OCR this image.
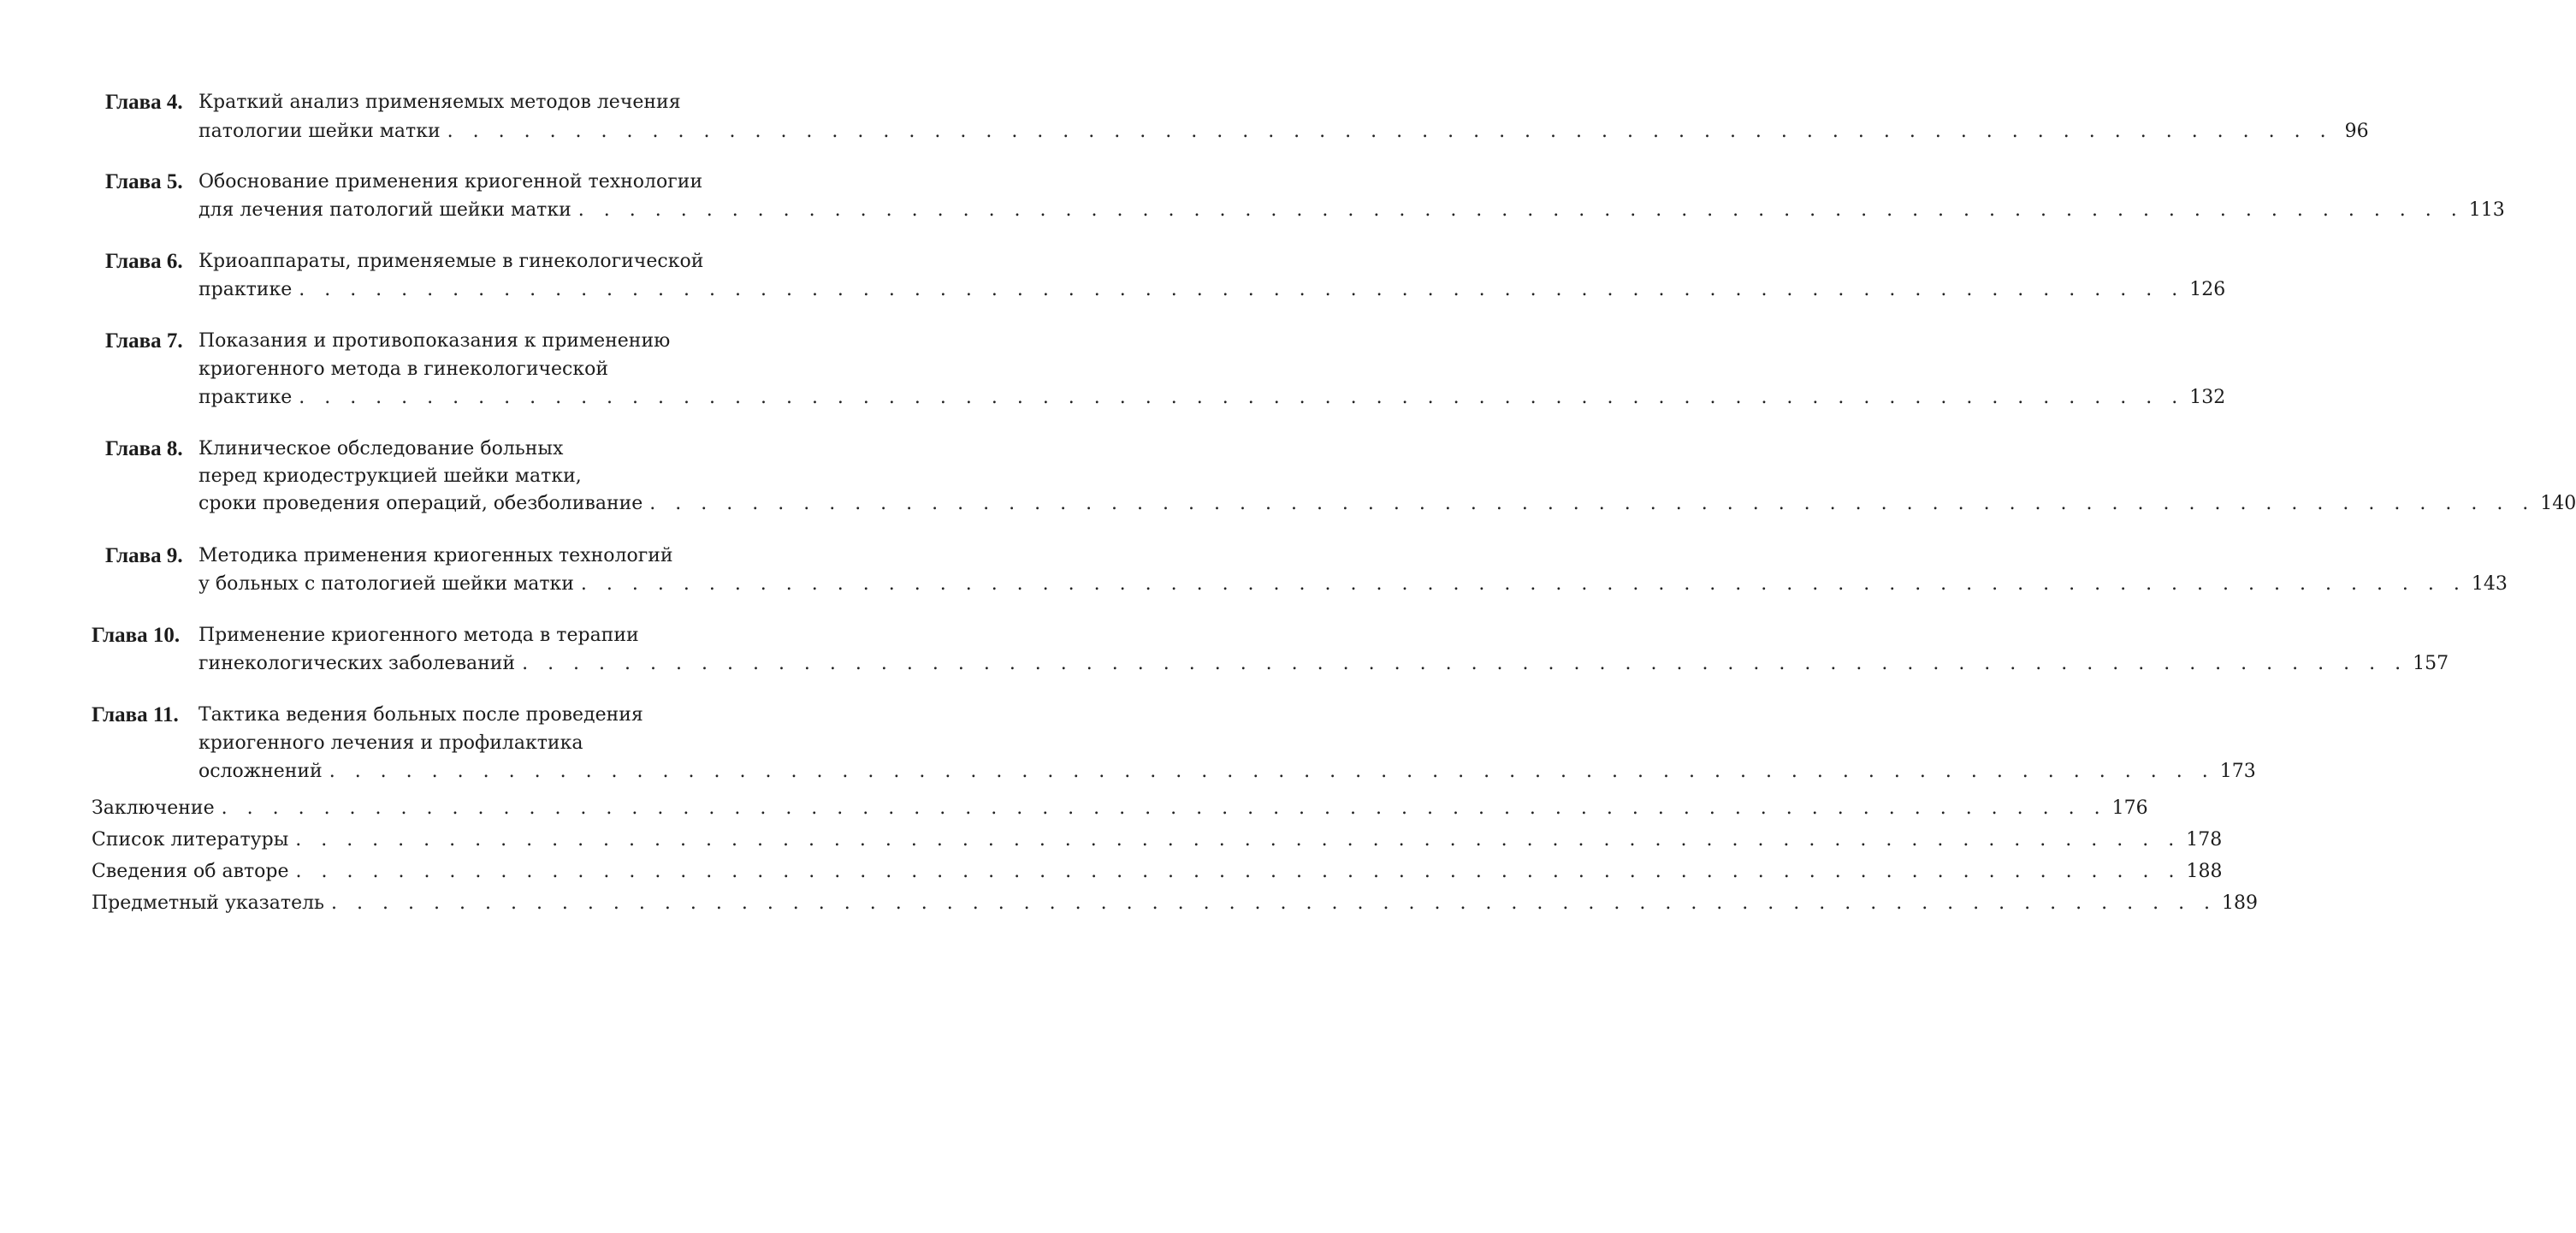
Глава 4. Краткий анализ применяемых методов лечения
патологии шейки матки . . . . . . . . . . . . . . . . . . . . . . . . . . . . . . . . . . . . . . . . . . . . . . . . . . . . . . . . . . . . . . . . . . . . . . . . . . 96
Глава 5. Обоснование применения криогенной технологии
для лечения патологий шейки матки . . . . . . . . . . . . . . . . . . . . . . . . . . . . . . . . . . . . . . . . . . . . . . . . . . . . . . . . . . . . . . . . . . . . . . . . . . 113
Глава 6. Криоаппараты, применяемые в гинекологической
практике . . . . . . . . . . . . . . . . . . . . . . . . . . . . . . . . . . . . . . . . . . . . . . . . . . . . . . . . . . . . . . . . . . . . . . . . . . 126
Глава 7. Показания и противопоказания к применению
криогенного метода в гинекологической
практике . . . . . . . . . . . . . . . . . . . . . . . . . . . . . . . . . . . . . . . . . . . . . . . . . . . . . . . . . . . . . . . . . . . . . . . . . . 132
Глава 8. Клиническое обследование больных
перед криодеструкцией шейки матки,
сроки проведения операций, обезболивание . . . . . . . . . . . . . . . . . . . . . . . . . . . . . . . . . . . . . . . . . . . . . . . . . . . . . . . . . . . . . . . . . . . . . . . . . . 140
Глава 9. Методика применения криогенных технологий
у больных с патологией шейки матки . . . . . . . . . . . . . . . . . . . . . . . . . . . . . . . . . . . . . . . . . . . . . . . . . . . . . . . . . . . . . . . . . . . . . . . . . . 143
Глава 10. Применение криогенного метода в терапии
гинекологических заболеваний . . . . . . . . . . . . . . . . . . . . . . . . . . . . . . . . . . . . . . . . . . . . . . . . . . . . . . . . . . . . . . . . . . . . . . . . . . 157
Глава 11. Тактика ведения больных после проведения
криогенного лечения и профилактика
осложнений . . . . . . . . . . . . . . . . . . . . . . . . . . . . . . . . . . . . . . . . . . . . . . . . . . . . . . . . . . . . . . . . . . . . . . . . . . 173
Заключение . . . . . . . . . . . . . . . . . . . . . . . . . . . . . . . . . . . . . . . . . . . . . . . . . . . . . . . . . . . . . . . . . . . . . . . . . . 176
Список литературы . . . . . . . . . . . . . . . . . . . . . . . . . . . . . . . . . . . . . . . . . . . . . . . . . . . . . . . . . . . . . . . . . . . . . . . . . . 178
Сведения об авторе . . . . . . . . . . . . . . . . . . . . . . . . . . . . . . . . . . . . . . . . . . . . . . . . . . . . . . . . . . . . . . . . . . . . . . . . . . 188
Предметный указатель . . . . . . . . . . . . . . . . . . . . . . . . . . . . . . . . . . . . . . . . . . . . . . . . . . . . . . . . . . . . . . . . . . . . . . . . . . 189
